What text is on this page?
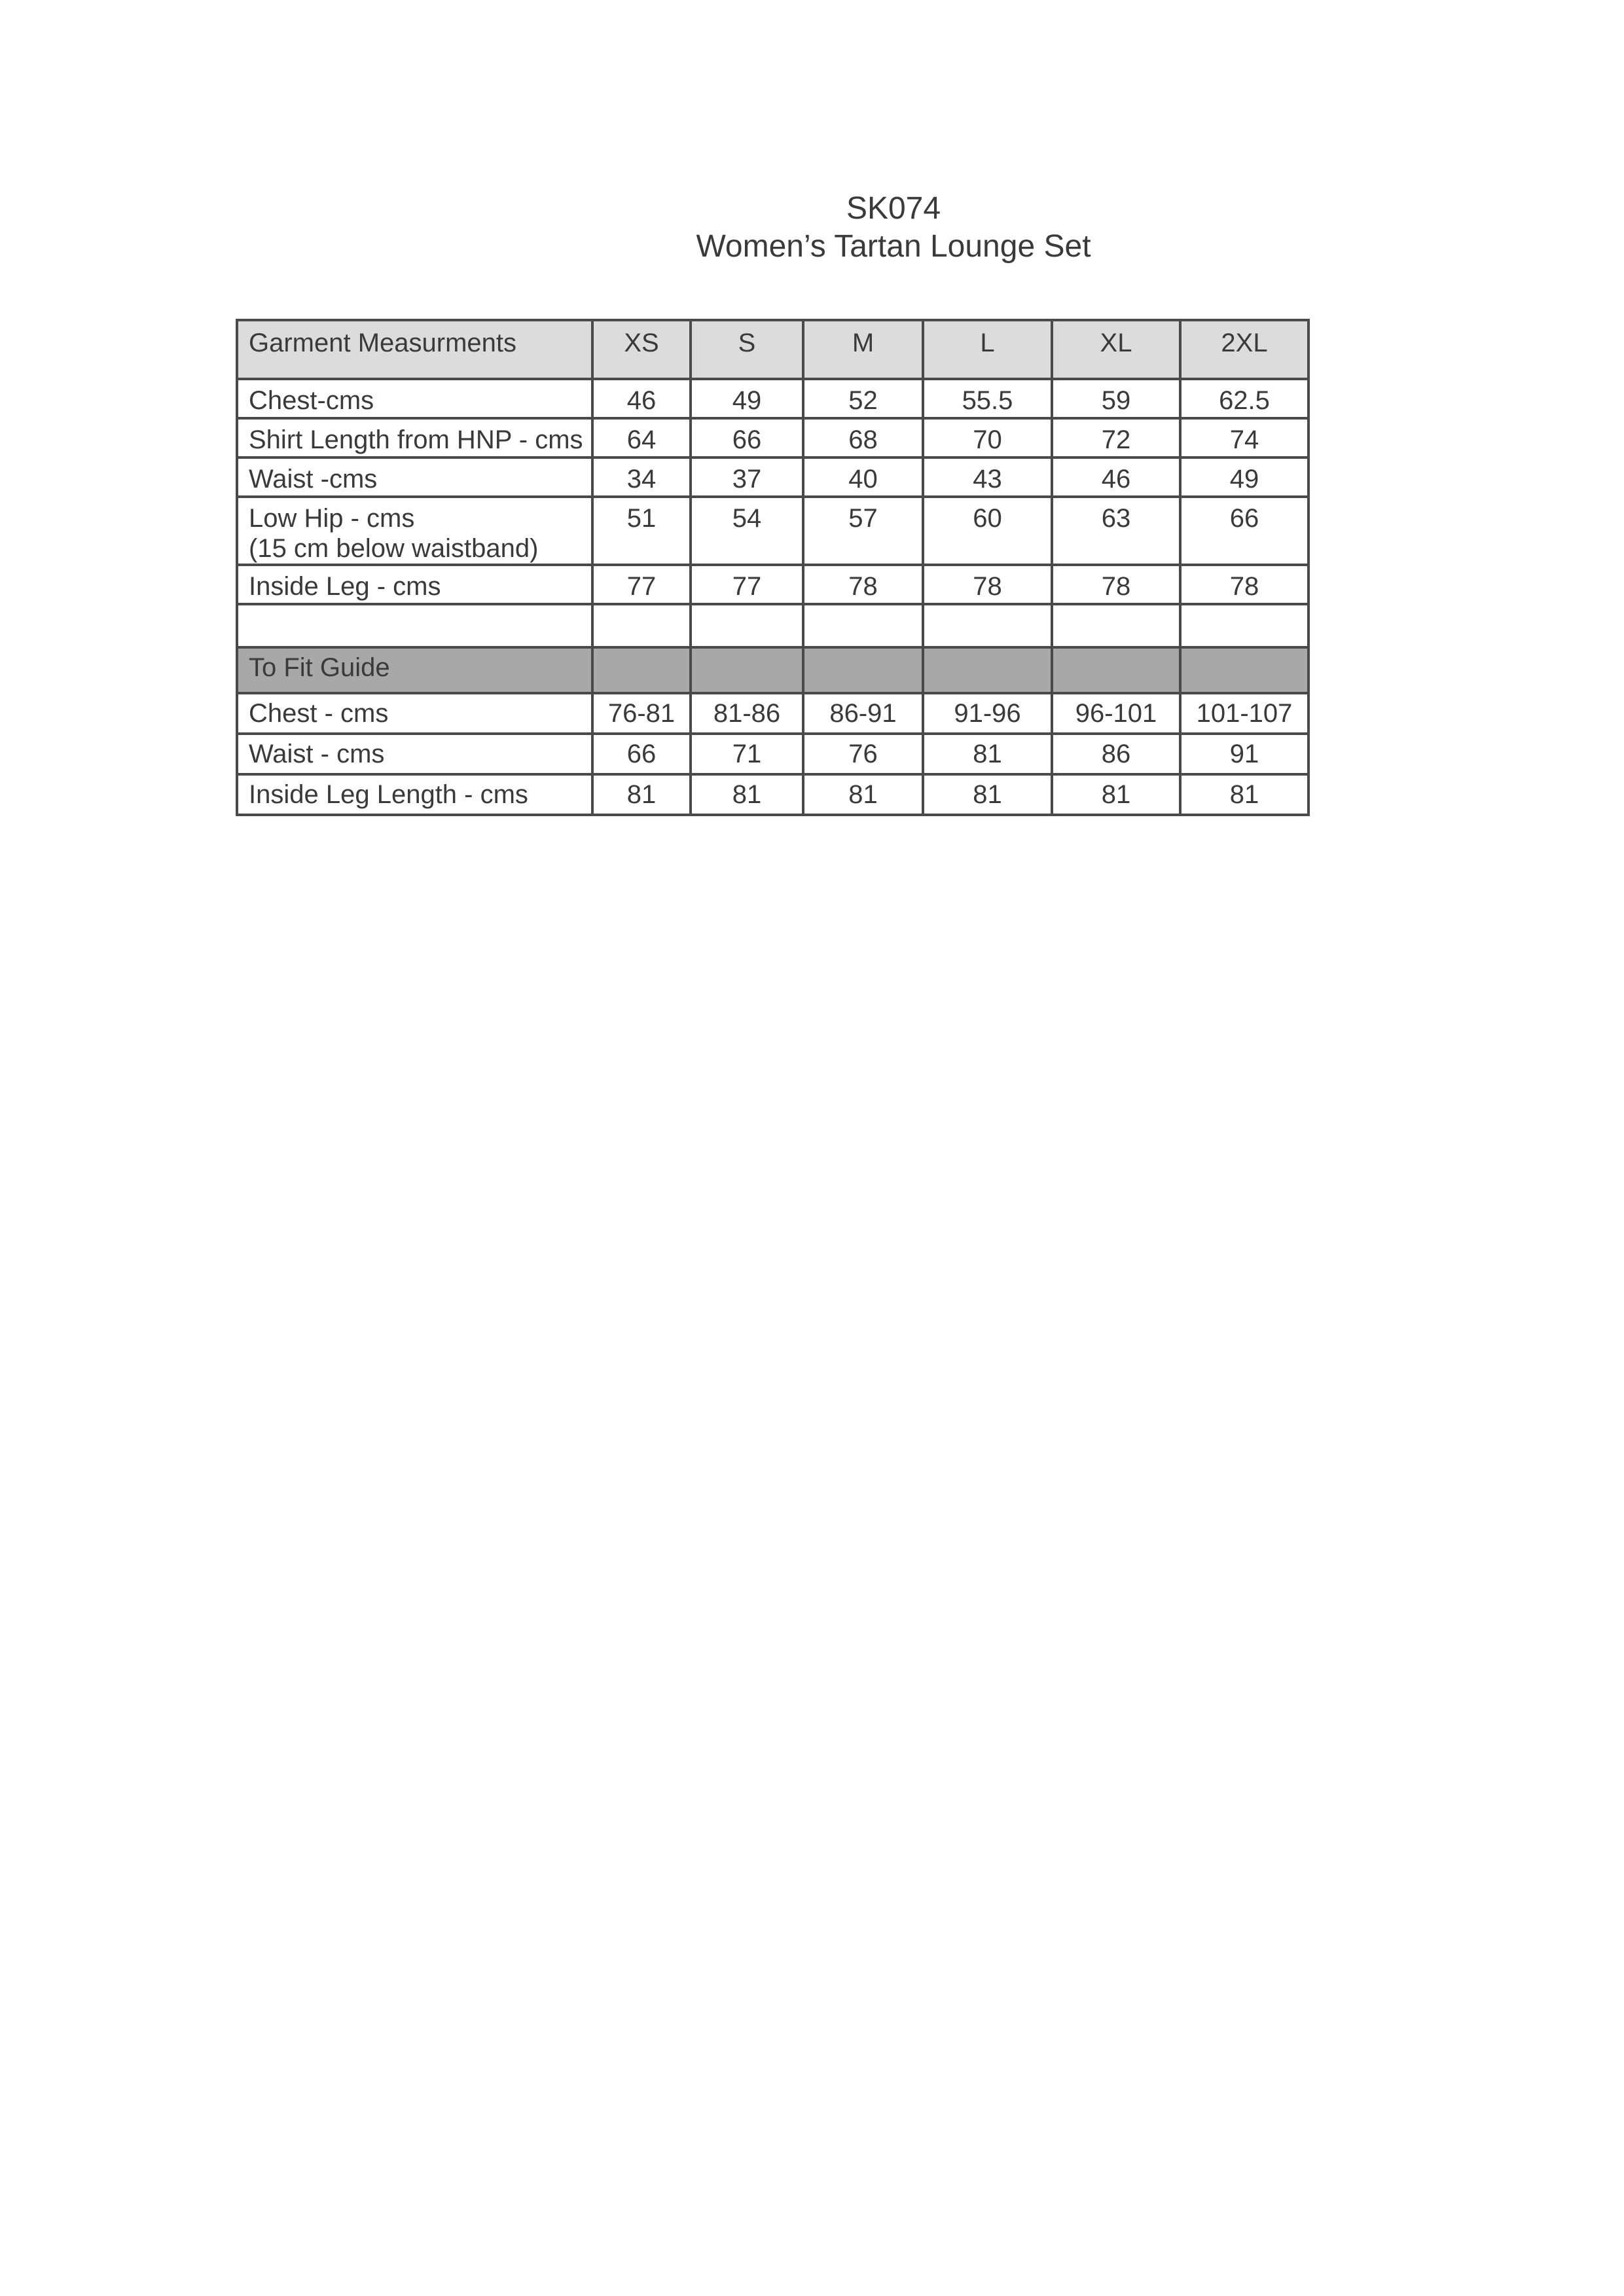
SK074
Women’s Tartan Lounge Set
Garment Measurments	XS	S	M	L	XL	2XL

Chest-cms	46	49	52	55.5	59	62.5

Shirt Length from HNP - cms	64	66	68	70	72	74

Waist -cms	34	37	40	43	46	49

Low Hip - cms
(15 cm below waistband)	51	54	57	60	63	66

Inside Leg - cms	77	77	78	78	78	78

To Fit Guide						

Chest - cms	76-81	81-86	86-91	91-96	96-101	101-107

Waist - cms	66	71	76	81	86	91

Inside Leg Length - cms	81	81	81	81	81	81
